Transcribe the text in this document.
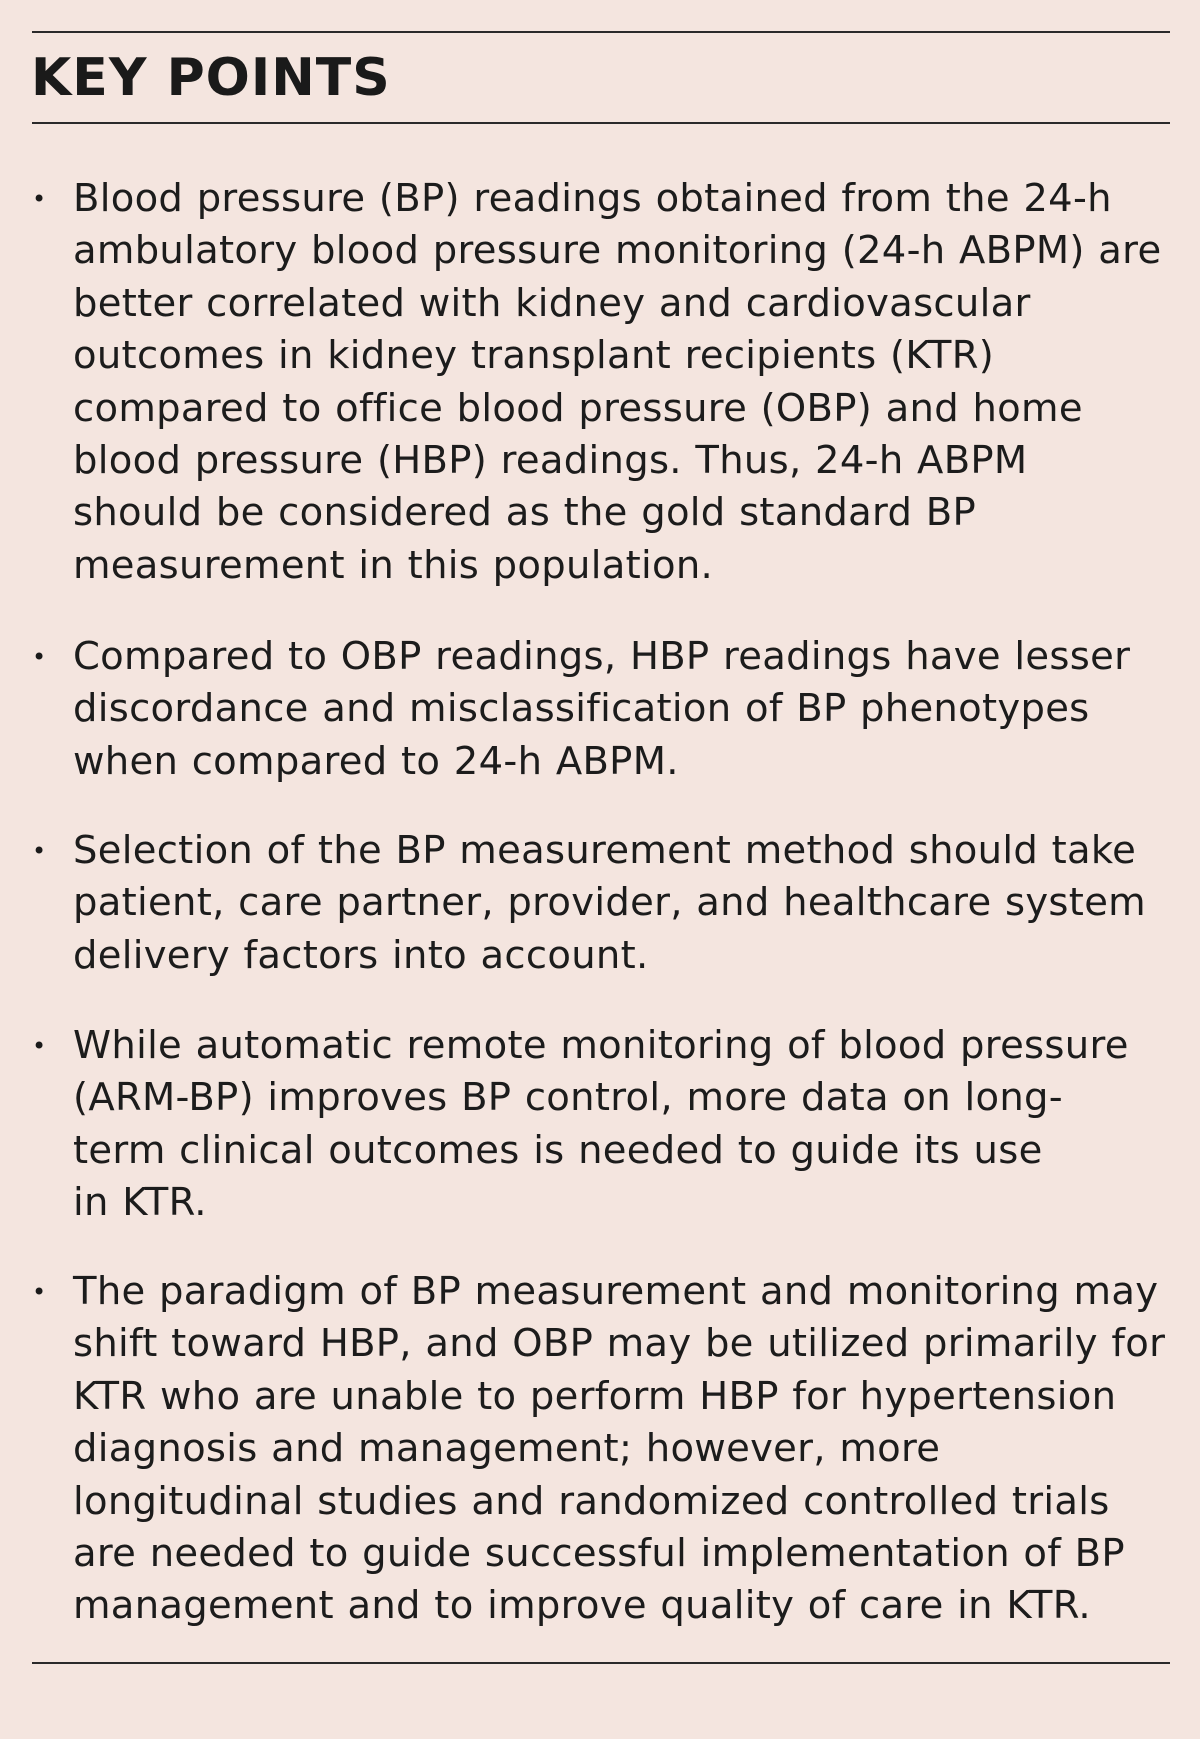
KEY POINTS
• Blood pressure (BP) readings obtained from the 24-h
ambulatory blood pressure monitoring (24-h ABPM) are
better correlated with kidney and cardiovascular
outcomes in kidney transplant recipients (KTR)
compared to office blood pressure (OBP) and home
blood pressure (HBP) readings. Thus, 24-h ABPM
should be considered as the gold standard BP
measurement in this population.

• Compared to OBP readings, HBP readings have lesser
discordance and misclassification of BP phenotypes
when compared to 24-h ABPM.

• Selection of the BP measurement method should take
patient, care partner, provider, and healthcare system
delivery factors into account.

• While automatic remote monitoring of blood pressure
(ARM-BP) improves BP control, more data on long-
term clinical outcomes is needed to guide its use
in KTR.

• The paradigm of BP measurement and monitoring may
shift toward HBP, and OBP may be utilized primarily for
KTR who are unable to perform HBP for hypertension
diagnosis and management; however, more
longitudinal studies and randomized controlled trials
are needed to guide successful implementation of BP
management and to improve quality of care in KTR.
